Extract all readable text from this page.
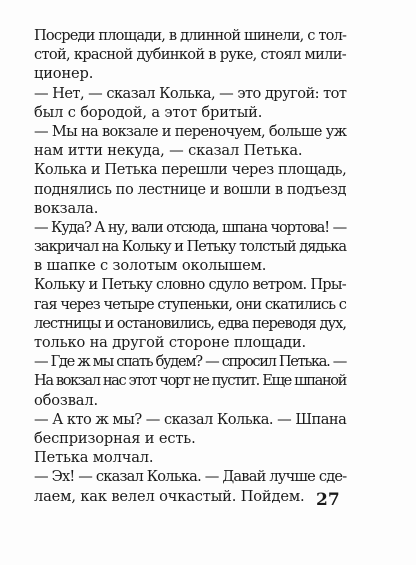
Посреди площади, в длинной шинели, с тол-
стой, красной дубинкой в руке, стоял мили-
ционер.
— Нет, — сказал Колька, — это другой: тот
был с бородой, а этот бритый.
— Мы на вокзале и переночуем, больше уж
нам итти некуда, — сказал Петька.
Колька и Петька перешли через площадь,
поднялись по лестнице и вошли в подъезд
вокзала.
— Куда? А ну, вали отсюда, шпана чортова! —
закричал на Кольку и Петьку толстый дядька
в шапке с золотым околышем.
Кольку и Петьку словно сдуло ветром. Пры-
гая через четыре ступеньки, они скатились с
лестницы и остановились, едва переводя дух,
только на другой стороне площади.
— Где ж мы спать будем? — спросил Петька. —
На вокзал нас этот чорт не пустит. Еще шпаной
обозвал.
— А кто ж мы? — сказал Колька. — Шпана
беспризорная и есть.
Петька молчал.
— Эх! — сказал Колька. — Давай лучше сде-
лаем, как велел очкастый. Пойдем. 27
